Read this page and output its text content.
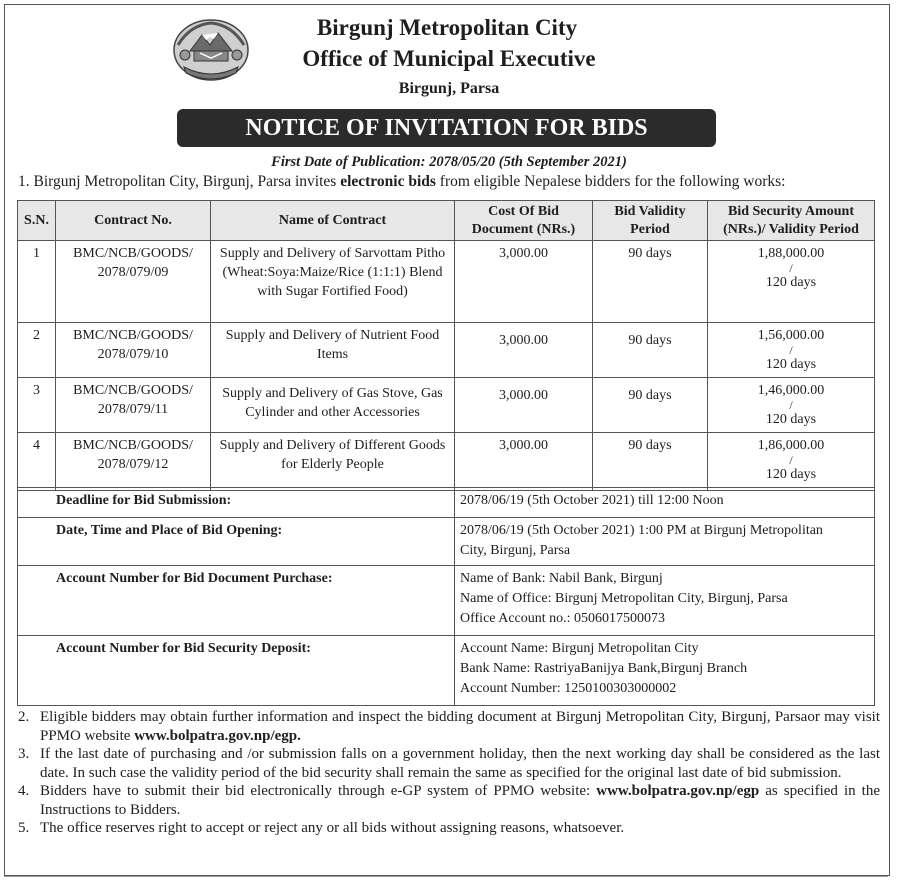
Birgunj Metropolitan City
Office of Municipal Executive
Birgunj, Parsa
NOTICE OF INVITATION FOR BIDS
First Date of Publication: 2078/05/20 (5th September 2021)
1. Birgunj Metropolitan City, Birgunj, Parsa invites electronic bids from eligible Nepalese bidders for the following works:
S.N.	Contract No.	Name of Contract	Cost Of Bid
Document (NRs.)	Bid Validity
Period	Bid Security Amount
(NRs.)/ Validity Period
1	BMC/NCB/GOODS/
2078/079/09	Supply and Delivery of Sarvottam Pitho (Wheat:Soya:Maize/Rice (1:1:1) Blend with Sugar Fortified Food)	3,000.00	90 days	1,88,000.00
/
120 days
2	BMC/NCB/GOODS/
2078/079/10	Supply and Delivery of Nutrient Food Items	3,000.00	90 days	1,56,000.00
/
120 days
3	BMC/NCB/GOODS/
2078/079/11	Supply and Delivery of Gas Stove, Gas Cylinder and other Accessories	3,000.00	90 days	1,46,000.00
/
120 days
4	BMC/NCB/GOODS/
2078/079/12	Supply and Delivery of Different Goods for Elderly People	3,000.00	90 days	1,86,000.00
/
120 days
Deadline for Bid Submission:	2078/06/19 (5th October 2021) till 12:00 Noon

Date, Time and Place of Bid Opening:	2078/06/19 (5th October 2021) 1:00 PM at Birgunj Metropolitan
City, Birgunj, Parsa

Account Number for Bid Document Purchase:	Name of Bank: Nabil Bank, Birgunj
Name of Office: Birgunj Metropolitan City, Birgunj, Parsa
Office Account no.: 0506017500073

Account Number for Bid Security Deposit:	Account Name: Birgunj Metropolitan City
Bank Name: RastriyaBanijya Bank,Birgunj Branch
Account Number: 1250100303000002
2. Eligible bidders may obtain further information and inspect the bidding document at Birgunj Metropolitan City, Birgunj, Parsaor may visit PPMO website www.bolpatra.gov.np/egp.
3. If the last date of purchasing and /or submission falls on a government holiday, then the next working day shall be considered as the last date. In such case the validity period of the bid security shall remain the same as specified for the original last date of bid submission.
4. Bidders have to submit their bid electronically through e-GP system of PPMO website: www.bolpatra.gov.np/egp as specified in the Instructions to Bidders.
5. The office reserves right to accept or reject any or all bids without assigning reasons, whatsoever.
